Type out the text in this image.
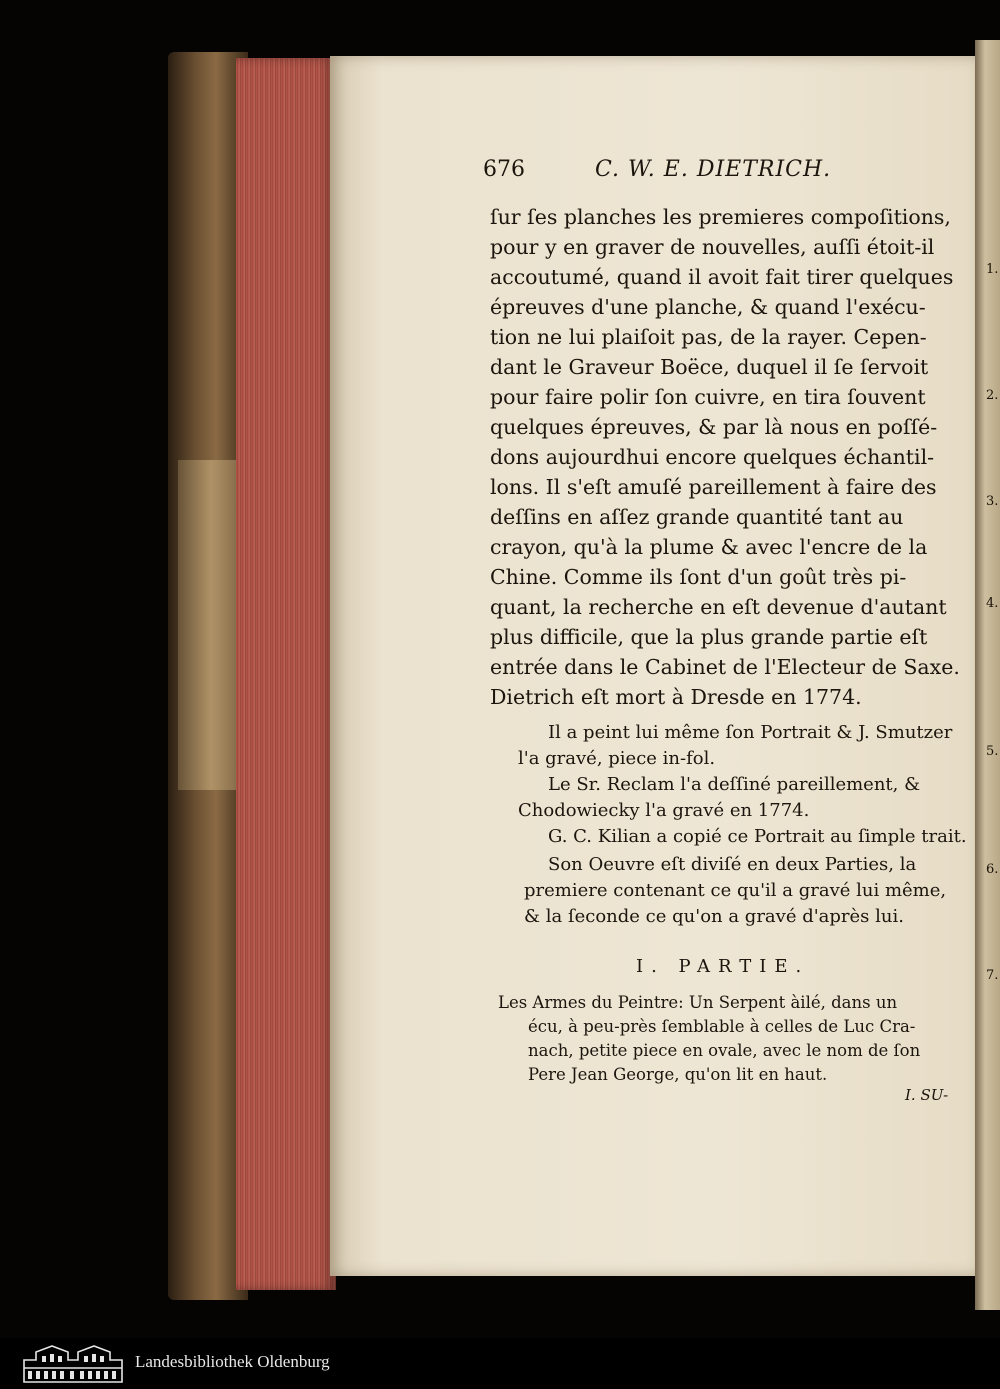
1.
2.
3.
4.
5.
6.
7.
676	C. W. E. DIETRICH.
ſur ſes planches les premieres compoſitions,
pour y en graver de nouvelles, auſſi étoit-il
accoutumé, quand il avoit fait tirer quelques
épreuves d'une planche, & quand l'exécu-
tion ne lui plaiſoit pas, de la rayer. Cepen-
dant le Graveur Boëce, duquel il ſe ſervoit
pour faire polir ſon cuivre, en tira ſouvent
quelques épreuves, & par là nous en poſſé-
dons aujourdhui encore quelques échantil-
lons. Il s'eſt amuſé pareillement à faire des
deſſins en aſſez grande quantité tant au
crayon, qu'à la plume & avec l'encre de la
Chine. Comme ils ſont d'un goût très pi-
quant, la recherche en eſt devenue d'autant
plus difficile, que la plus grande partie eſt
entrée dans le Cabinet de l'Electeur de Saxe.
Dietrich eſt mort à Dresde en 1774.
Il a peint lui même ſon Portrait & J. Smutzer
l'a gravé, piece in-fol.
Le Sr. Reclam l'a deſſiné pareillement, &
Chodowiecky l'a gravé en 1774.
G. C. Kilian a copié ce Portrait au ſimple trait.
Son Oeuvre eſt diviſé en deux Parties, la
premiere contenant ce qu'il a gravé lui même,
& la ſeconde ce qu'on a gravé d'après lui.
I. PARTIE.
Les Armes du Peintre: Un Serpent àilé, dans un
écu, à peu-près ſemblable à celles de Luc Cra-
nach, petite piece en ovale, avec le nom de ſon
Pere Jean George, qu'on lit en haut.
I. SU-
Landesbibliothek Oldenburg
